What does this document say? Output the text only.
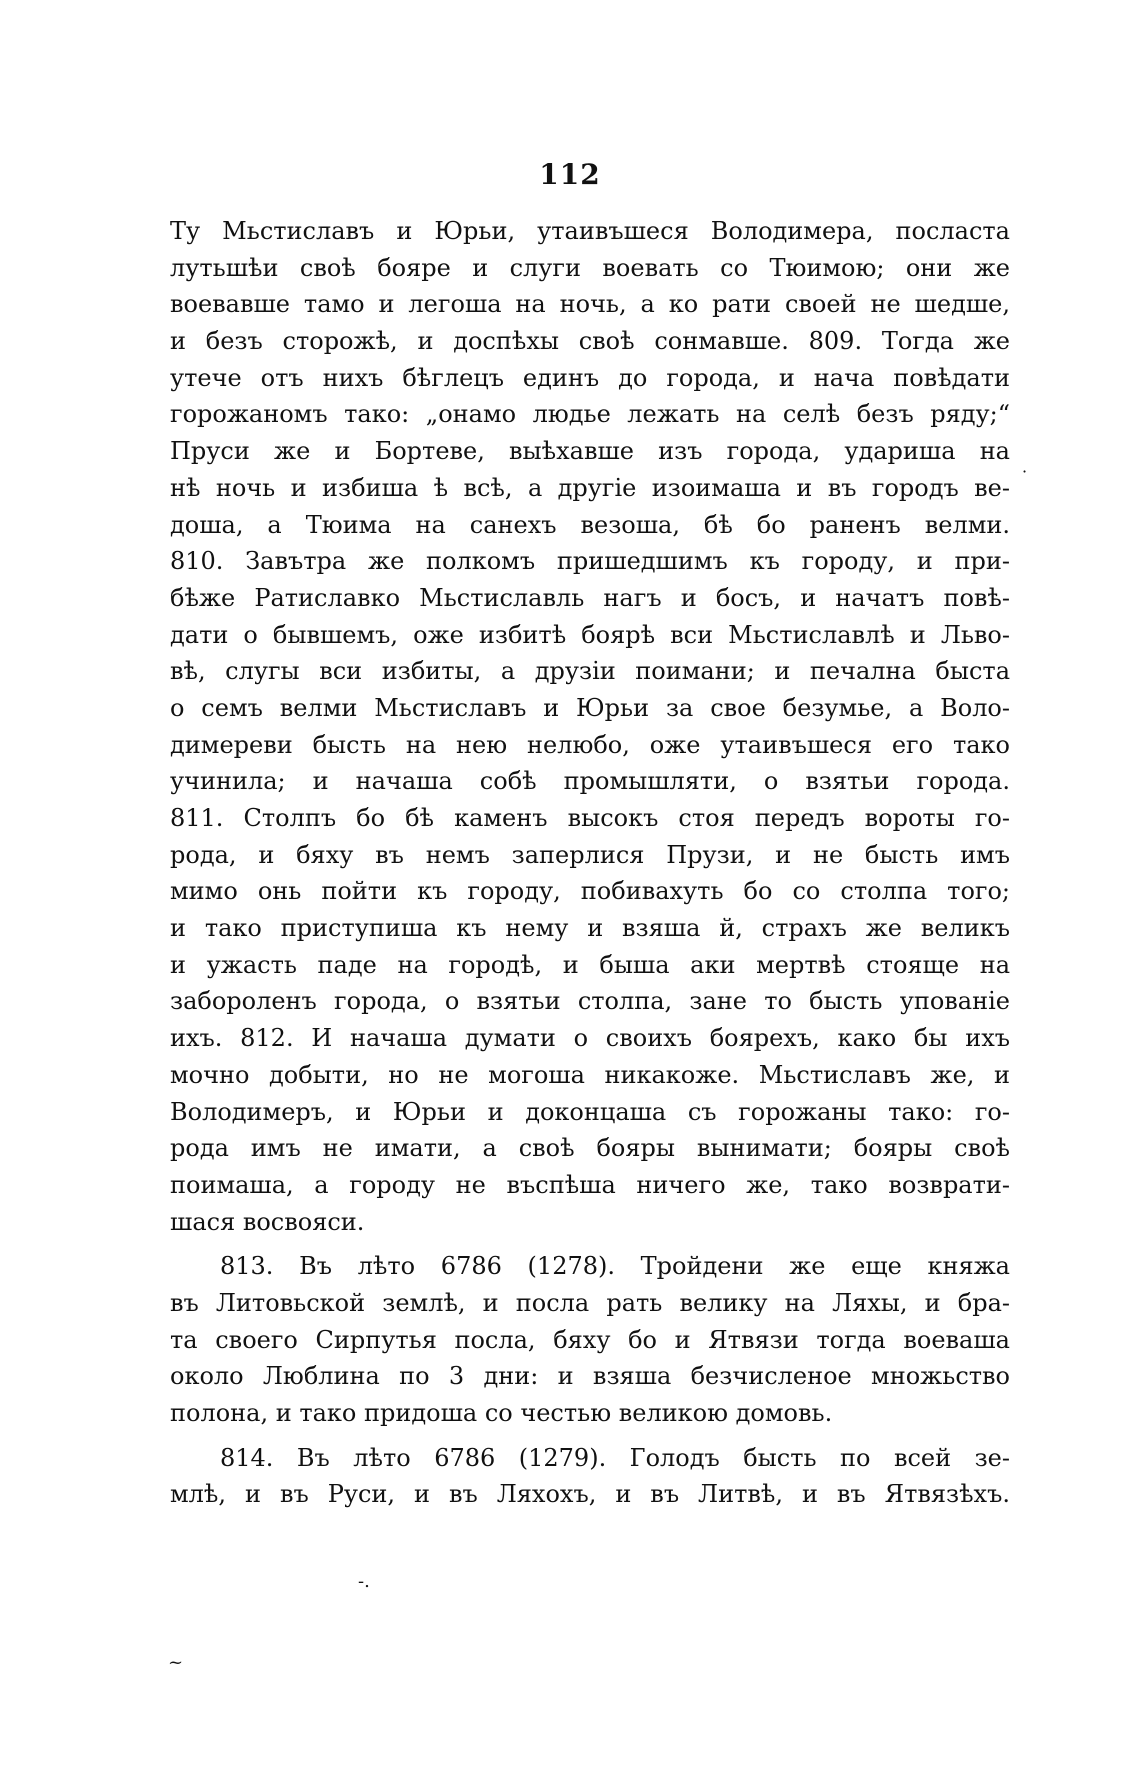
112
Ту Мьстиславъ и Юрьи, утаивъшеся Володимера, посласта
лутьшѣи своѣ бояре и слуги воевать со Тюимою; они же
воевавше тамо и легоша на ночь, а ко рати своей не шедше,
и безъ сторожѣ, и доспѣхы своѣ сонмавше. 809. Тогда же
утече отъ нихъ бѣглецъ единъ до города, и нача повѣдати
горожаномъ тако: „онамо людье лежать на селѣ безъ ряду;“
Пруси же и Бортеве, выѣхавше изъ города, удариша на
нѣ ночь и избиша ѣ всѣ, а другіе изоимаша и въ городъ ве-
доша, а Тюима на санехъ везоша, бѣ бо раненъ велми.
810. Завътра же полкомъ пришедшимъ къ городу, и при-
бѣже Ратиславко Мьстиславль нагъ и босъ, и начатъ повѣ-
дати о бывшемъ, оже избитѣ боярѣ вси Мьстиславлѣ и Льво-
вѣ, слугы вси избиты, а друзіи поимани; и печална быста
о семъ велми Мьстиславъ и Юрьи за свое безумье, а Воло-
димереви бысть на нею нелюбо, оже утаивъшеся его тако
учинила; и начаша собѣ промышляти, о взятьи города.
811. Столпъ бо бѣ каменъ высокъ стоя передъ вороты го-
рода, и бяху въ немъ заперлися Прузи, и не бысть имъ
мимо онь пойти къ городу, побивахуть бо со столпа того;
и тако приступиша къ нему и взяша й, страхъ же великъ
и ужасть паде на городѣ, и быша аки мертвѣ стояще на
забороленъ города, о взятьи столпа, зане то бысть упованіе
ихъ. 812. И начаша думати о своихъ боярехъ, како бы ихъ
мочно добыти, но не могоша никакоже. Мьстиславъ же, и
Володимеръ, и Юрьи и доконцаша съ горожаны тако: го-
рода имъ не имати, а своѣ бояры вынимати; бояры своѣ
поимаша, а городу не въспѣша ничего же, тако возврати-
шася восвояси.
813. Въ лѣто 6786 (1278). Тройдени же еще княжа
въ Литовьской землѣ, и посла рать велику на Ляхы, и бра-
та своего Сирпутья посла, бяху бо и Ятвязи тогда воеваша
около Люблина по 3 дни: и взяша безчисленое множьство
полона, и тако придоша со честью великою домовь.
814. Въ лѣто 6786 (1279). Голодъ бысть по всей зе-
млѣ, и въ Руси, и въ Ляхохъ, и въ Литвѣ, и въ Ятвязѣхъ.
-.
~
·
